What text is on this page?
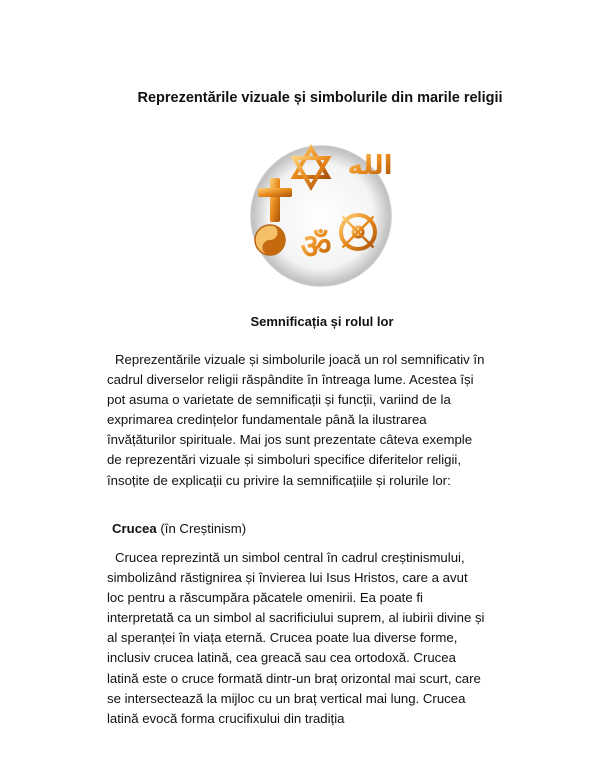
Reprezentările vizuale și simbolurile din marile religii
الله
ॐ
Semnificația și rolul lor
Reprezentările vizuale și simbolurile joacă un rol semnificativ în cadrul diverselor religii răspândite în întreaga lume. Acestea își pot asuma o varietate de semnificații și funcții, variind de la exprimarea credințelor fundamentale până la ilustrarea învățăturilor spirituale. Mai jos sunt prezentate câteva exemple de reprezentări vizuale și simboluri specifice diferitelor religii, însoțite de explicații cu privire la semnificațiile și rolurile lor:
Crucea (în Creștinism)
Crucea reprezintă un simbol central în cadrul creștinismului, simbolizând răstignirea și învierea lui Isus Hristos, care a avut loc pentru a răscumpăra păcatele omenirii. Ea poate fi interpretată ca un simbol al sacrificiului suprem, al iubirii divine și al speranței în viața eternă. Crucea poate lua diverse forme, inclusiv crucea latină, cea greacă sau cea ortodoxă. Crucea latină este o cruce formată dintr-un braț orizontal mai scurt, care se intersectează la mijloc cu un braț vertical mai lung. Crucea latină evocă forma crucifixului din tradiția
